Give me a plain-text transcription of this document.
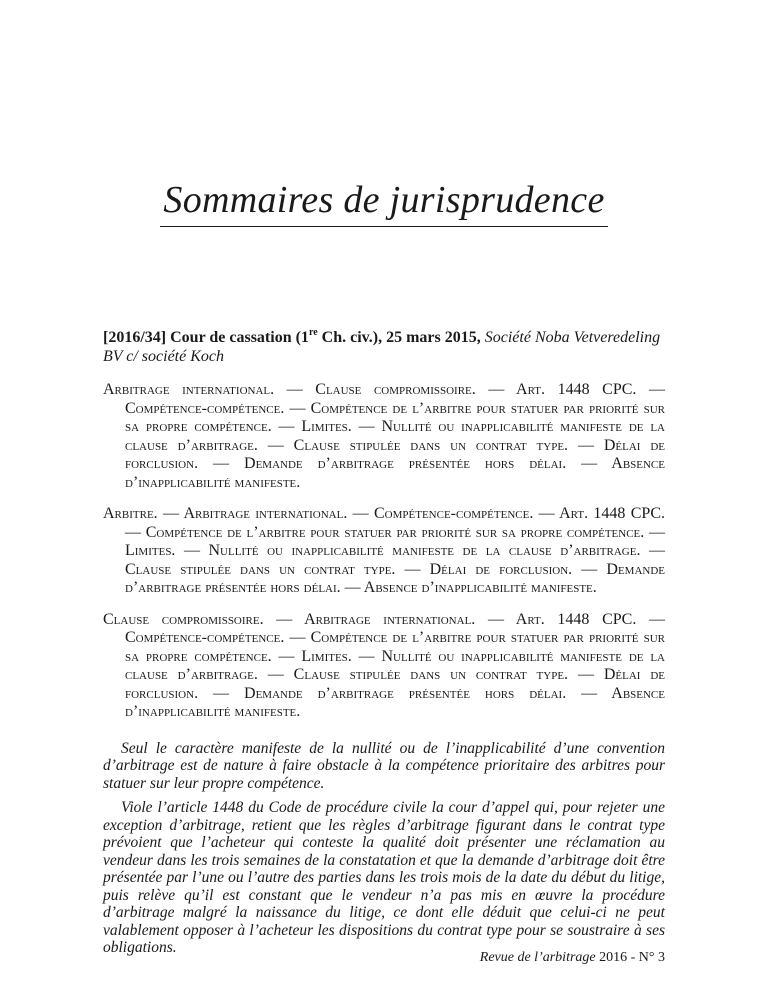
Sommaires de jurisprudence

[2016/34] Cour de cassation (1re Ch. civ.), 25 mars 2015, Société Noba Vetveredeling BV c/ société Koch

Arbitrage international. — Clause compromissoire. — Art. 1448 CPC. — Compétence-compétence. — Compétence de l’arbitre pour statuer par priorité sur sa propre compétence. — Limites. — Nullité ou inapplicabilité manifeste de la clause d’arbitrage. — Clause stipulée dans un contrat type. — Délai de forclusion. — Demande d’arbitrage présentée hors délai. — Absence d’inapplicabilité manifeste.

Arbitre. — Arbitrage international. — Compétence-compétence. — Art. 1448 CPC. — Compétence de l’arbitre pour statuer par priorité sur sa propre compétence. — Limites. — Nullité ou inapplicabilité manifeste de la clause d’arbitrage. — Clause stipulée dans un contrat type. — Délai de forclusion. — Demande d’arbitrage présentée hors délai. — Absence d’inapplicabilité manifeste.

Clause compromissoire. — Arbitrage international. — Art. 1448 CPC. — Compétence-compétence. — Compétence de l’arbitre pour statuer par priorité sur sa propre compétence. — Limites. — Nullité ou inapplicabilité manifeste de la clause d’arbitrage. — Clause stipulée dans un contrat type. — Délai de forclusion. — Demande d’arbitrage présentée hors délai. — Absence d’inapplicabilité manifeste.

Seul le caractère manifeste de la nullité ou de l’inapplicabilité d’une convention d’arbitrage est de nature à faire obstacle à la compétence prioritaire des arbitres pour statuer sur leur propre compétence.

Viole l’article 1448 du Code de procédure civile la cour d’appel qui, pour rejeter une exception d’arbitrage, retient que les règles d’arbitrage figurant dans le contrat type prévoient que l’acheteur qui conteste la qualité doit présenter une réclamation au vendeur dans les trois semaines de la constatation et que la demande d’arbitrage doit être présentée par l’une ou l’autre des parties dans les trois mois de la date du début du litige, puis relève qu’il est constant que le vendeur n’a pas mis en œuvre la procédure d’arbitrage malgré la naissance du litige, ce dont elle déduit que celui-ci ne peut valablement opposer à l’acheteur les dispositions du contrat type pour se soustraire à ses obligations.

Revue de l’arbitrage 2016 - N° 3
